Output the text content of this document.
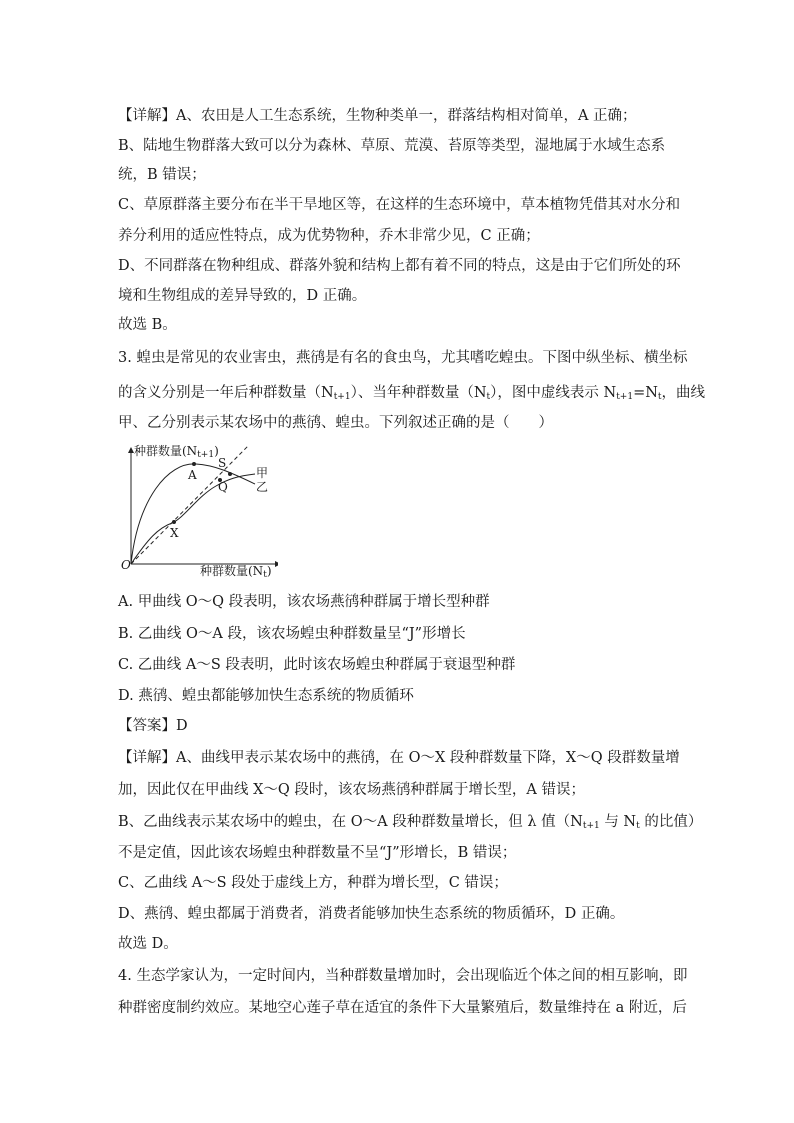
【详解】A、农田是人工生态系统，生物种类单一，群落结构相对简单，A 正确；
B、陆地生物群落大致可以分为森林、草原、荒漠、苔原等类型，湿地属于水域生态系
统，B 错误；
C、草原群落主要分布在半干旱地区等，在这样的生态环境中，草本植物凭借其对水分和
养分利用的适应性特点，成为优势物种，乔木非常少见，C 正确；
D、不同群落在物种组成、群落外貌和结构上都有着不同的特点，这是由于它们所处的环
境和生物组成的差异导致的，D 正确。
故选 B。
3. 蝗虫是常见的农业害虫，燕鸻是有名的食虫鸟，尤其嗜吃蝗虫。下图中纵坐标、横坐标
的含义分别是一年后种群数量$(N_{t+1})$、当年种群数量$(N_t)$，图中虚线表示 $N_{t+1}=N_t$，曲线
甲、乙分别表示某农场中的燕鸻、蝗虫。下列叙述正确的是（　　）
种群数量$(N_{t+1})$
种群数量$(N_t)$
O
A
S
Q
X
甲
乙
A. 甲曲线 O～Q 段表明，该农场燕鸻种群属于增长型种群
B. 乙曲线 O～A 段，该农场蝗虫种群数量呈“J”形增长
C. 乙曲线 A～S 段表明，此时该农场蝗虫种群属于衰退型种群
D. 燕鸻、蝗虫都能够加快生态系统的物质循环
【答案】D
【详解】A、曲线甲表示某农场中的燕鸻，在 O～X 段种群数量下降，X～Q 段群数量增
加，因此仅在甲曲线 X～Q 段时，该农场燕鸻种群属于增长型，A 错误；
B、乙曲线表示某农场中的蝗虫，在 O～A 段种群数量增长，但 λ 值（$N_{t+1}$ 与 $N_t$ 的比值）
不是定值，因此该农场蝗虫种群数量不呈“J”形增长，B 错误；
C、乙曲线 A～S 段处于虚线上方，种群为增长型，C 错误；
D、燕鸻、蝗虫都属于消费者，消费者能够加快生态系统的物质循环，D 正确。
故选 D。
4. 生态学家认为，一定时间内，当种群数量增加时，会出现临近个体之间的相互影响，即
种群密度制约效应。某地空心莲子草在适宜的条件下大量繁殖后，数量维持在 a 附近，后
